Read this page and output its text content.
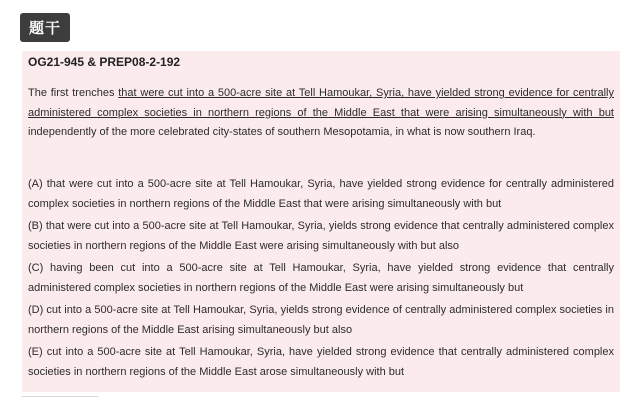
题干
OG21-945 & PREP08-2-192

The first trenches that were cut into a 500-acre site at Tell Hamoukar, Syria, have yielded strong evidence for centrally administered complex societies in northern regions of the Middle East that were arising simultaneously with but independently of the more celebrated city-states of southern Mesopotamia, in what is now southern Iraq.

(A) that were cut into a 500-acre site at Tell Hamoukar, Syria, have yielded strong evidence for centrally administered complex societies in northern regions of the Middle East that were arising simultaneously with but

(B) that were cut into a 500-acre site at Tell Hamoukar, Syria, yields strong evidence that centrally administered complex societies in northern regions of the Middle East were arising simultaneously with but also

(C) having been cut into a 500-acre site at Tell Hamoukar, Syria, have yielded strong evidence that centrally administered complex societies in northern regions of the Middle East were arising simultaneously but

(D) cut into a 500-acre site at Tell Hamoukar, Syria, yields strong evidence of centrally administered complex societies in northern regions of the Middle East arising simultaneously but also

(E) cut into a 500-acre site at Tell Hamoukar, Syria, have yielded strong evidence that centrally administered complex societies in northern regions of the Middle East arose simultaneously with but
